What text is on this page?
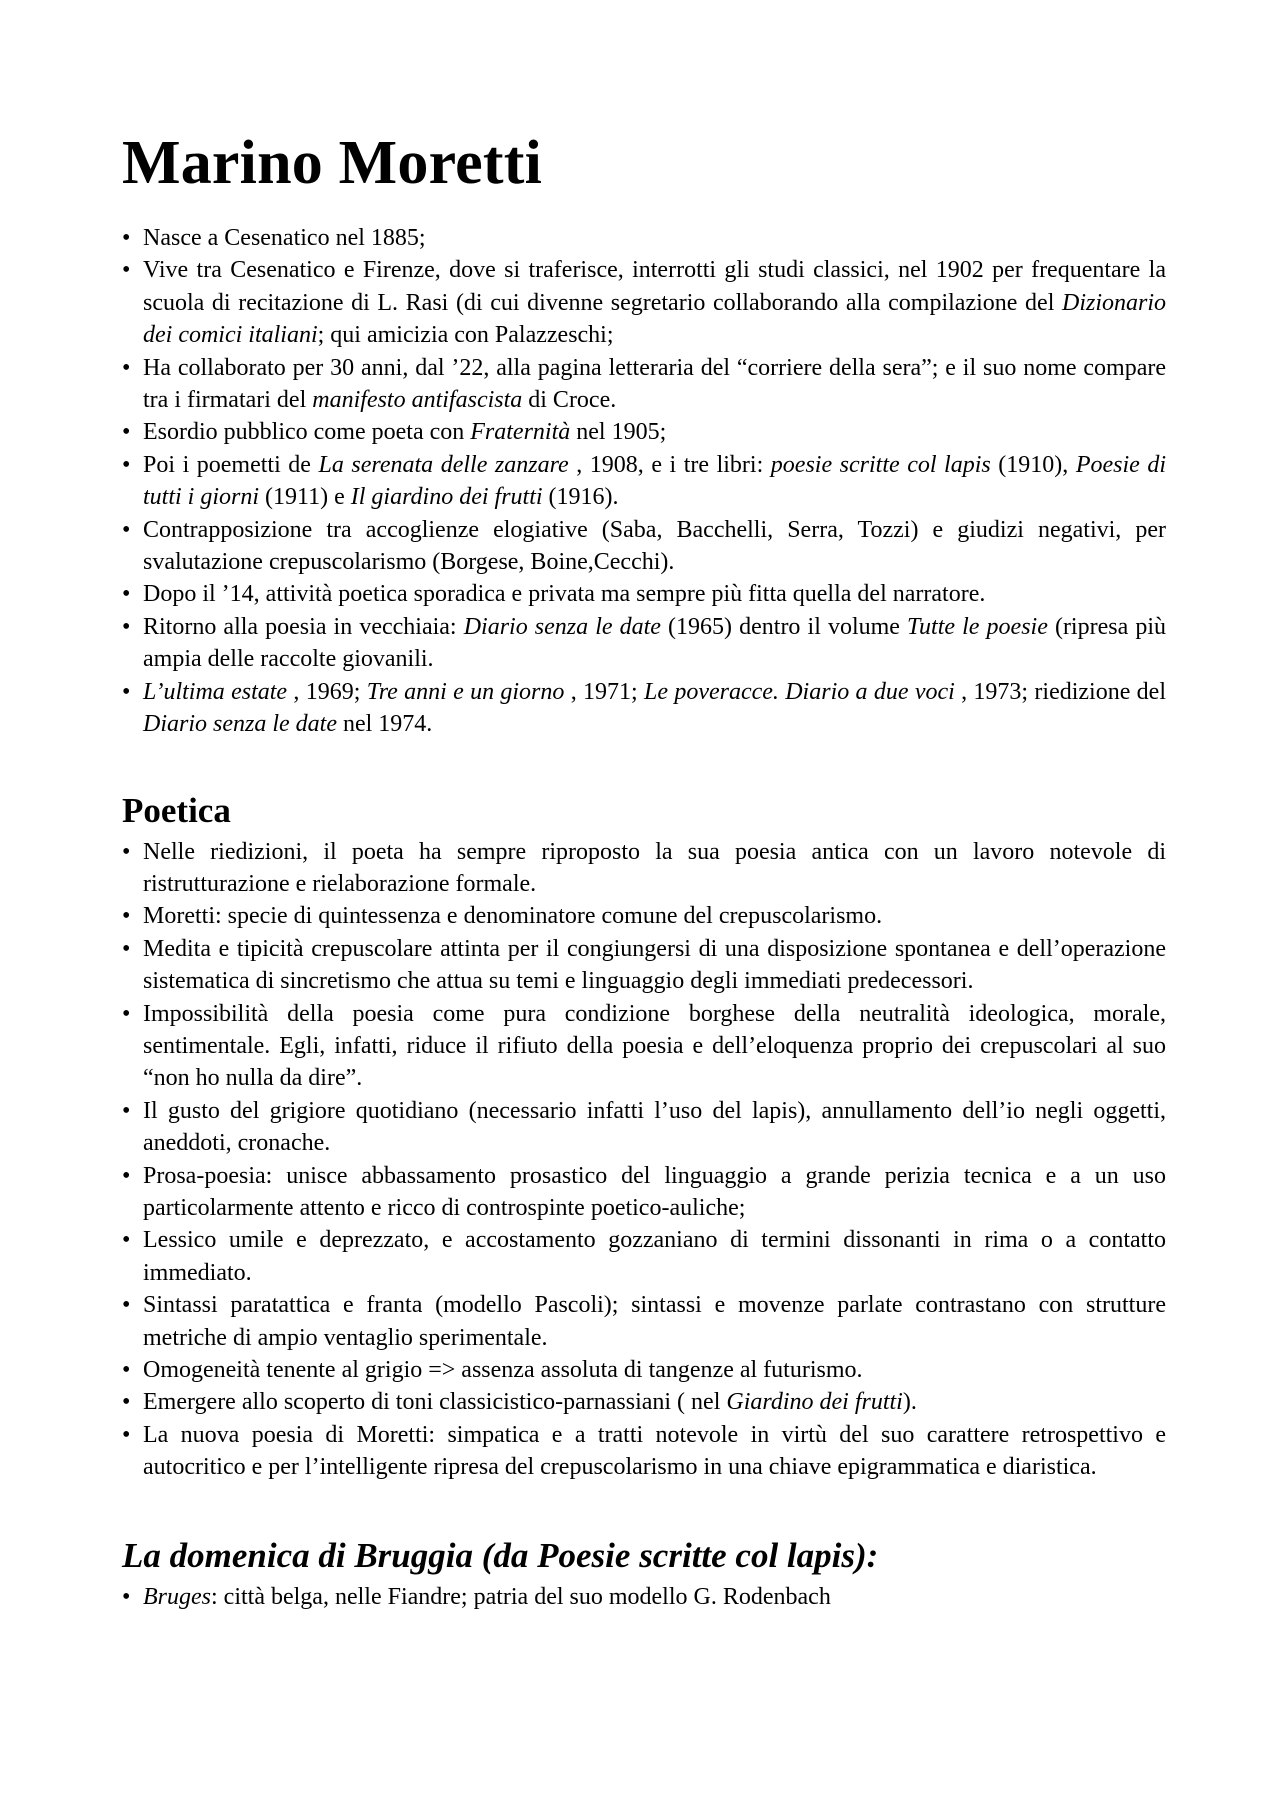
Marino Moretti
• Nasce a Cesenatico nel 1885;
• Vive tra Cesenatico e Firenze, dove si traferisce, interrotti gli studi classici, nel 1902 per frequentare la scuola di recitazione di L. Rasi (di cui divenne segretario collaborando alla compilazione del Dizionario dei comici italiani; qui amicizia con Palazzeschi;
• Ha collaborato per 30 anni, dal ’22, alla pagina letteraria del “corriere della sera”; e il suo nome compare tra i firmatari del manifesto antifascista di Croce.
• Esordio pubblico come poeta con Fraternità nel 1905;
• Poi i poemetti de La serenata delle zanzare , 1908, e i tre libri: poesie scritte col lapis (1910), Poesie di tutti i giorni (1911) e Il giardino dei frutti (1916).
• Contrapposizione tra accoglienze elogiative (Saba, Bacchelli, Serra, Tozzi) e giudizi negativi, per svalutazione crepuscolarismo (Borgese, Boine,Cecchi).
• Dopo il ’14, attività poetica sporadica e privata ma sempre più fitta quella del narratore.
• Ritorno alla poesia in vecchiaia: Diario senza le date (1965) dentro il volume Tutte le poesie (ripresa più ampia delle raccolte giovanili.
• L’ultima estate , 1969; Tre anni e un giorno , 1971; Le poveracce. Diario a due voci , 1973; riedizione del Diario senza le date nel 1974.
Poetica
• Nelle riedizioni, il poeta ha sempre riproposto la sua poesia antica con un lavoro notevole di ristrutturazione e rielaborazione formale.
• Moretti: specie di quintessenza e denominatore comune del crepuscolarismo.
• Medita e tipicità crepuscolare attinta per il congiungersi di una disposizione spontanea e dell’operazione sistematica di sincretismo che attua su temi e linguaggio degli immediati predecessori.
• Impossibilità della poesia come pura condizione borghese della neutralità ideologica, morale, sentimentale. Egli, infatti, riduce il rifiuto della poesia e dell’eloquenza proprio dei crepuscolari al suo “non ho nulla da dire”.
• Il gusto del grigiore quotidiano (necessario infatti l’uso del lapis), annullamento dell’io negli oggetti, aneddoti, cronache.
• Prosa-poesia: unisce abbassamento prosastico del linguaggio a grande perizia tecnica e a un uso particolarmente attento e ricco di controspinte poetico-auliche;
• Lessico umile e deprezzato, e accostamento gozzaniano di termini dissonanti in rima o a contatto immediato.
• Sintassi paratattica e franta (modello Pascoli); sintassi e movenze parlate contrastano con strutture metriche di ampio ventaglio sperimentale.
• Omogeneità tenente al grigio => assenza assoluta di tangenze al futurismo.
• Emergere allo scoperto di toni classicistico-parnassiani ( nel Giardino dei frutti).
• La nuova poesia di Moretti: simpatica e a tratti notevole in virtù del suo carattere retrospettivo e autocritico e per l’intelligente ripresa del crepuscolarismo in una chiave epigrammatica e diaristica.
La domenica di Bruggia (da Poesie scritte col lapis):
• Bruges: città belga, nelle Fiandre; patria del suo modello G. Rodenbach
